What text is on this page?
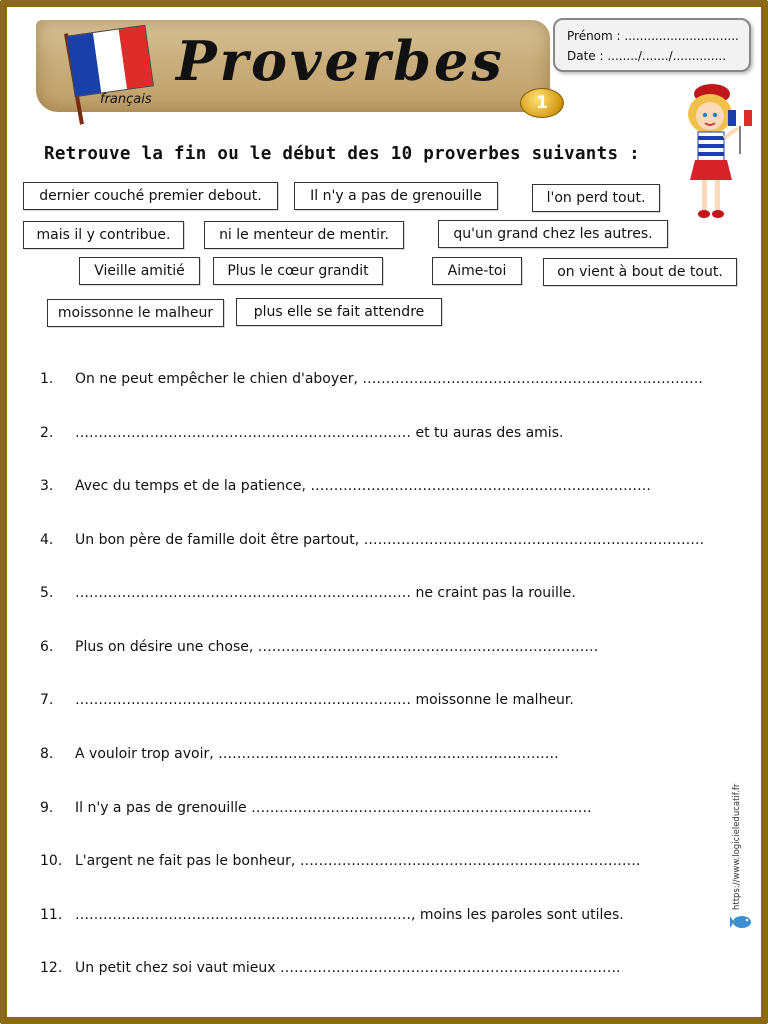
français
Proverbes
1
Prénom : ..............................
Date : ......../......./..............
Retrouve la fin ou le début des 10 proverbes suivants :
dernier couché premier debout.	Il n'y a pas de grenouille	l'on perd tout.
mais il y contribue.	ni le menteur de mentir.	qu'un grand chez les autres.
Vieille amitié	Plus le cœur grandit	Aime-toi	on vient à bout de tout.
moissonne le malheur	plus elle se fait attendre
1.	On ne peut empêcher le chien d'aboyer, ……………………………………………………………….
2.	……………………………………………………………… et tu auras des amis.
3.	Avec du temps et de la patience, ……………………………………………………………….
4.	Un bon père de famille doit être partout, ……………………………………………………………….
5.	……………………………………………………………… ne craint pas la rouille.
6.	Plus on désire une chose, ……………………………………………………………….
7.	……………………………………………………………… moissonne le malheur.
8.	A vouloir trop avoir, ……………………………………………………………….
9.	Il n'y a pas de grenouille ……………………………………………………………….
10. L'argent ne fait pas le bonheur, ……………………………………………………………….
11. ………………………………………………………………, moins les paroles sont utiles.
12. Un petit chez soi vaut mieux ……………………………………………………………….
https://www.logicieleducatif.fr
